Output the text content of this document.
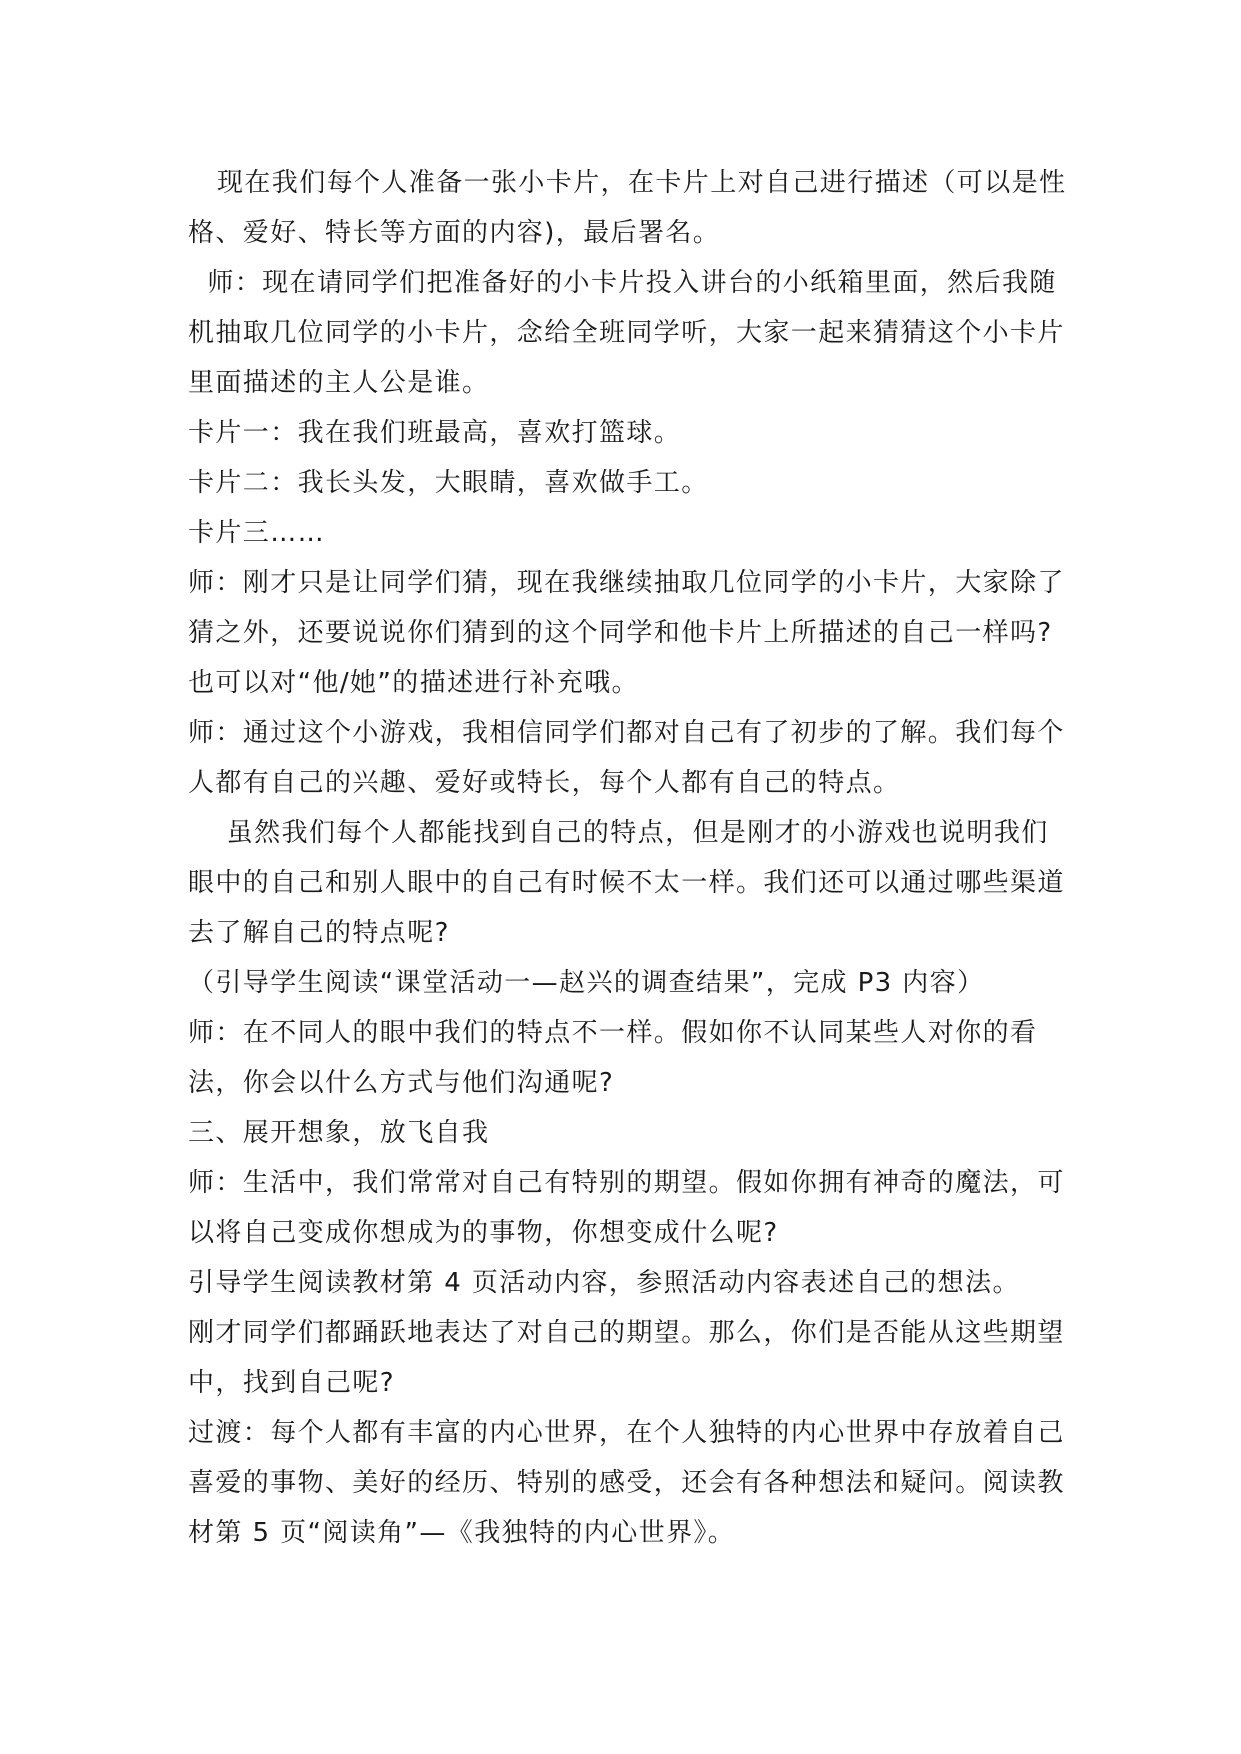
现在我们每个人准备一张小卡片，在卡片上对自己进行描述（可以是性格、爱好、特长等方面的内容)，最后署名。

师：现在请同学们把准备好的小卡片投入讲台的小纸箱里面，然后我随机抽取几位同学的小卡片，念给全班同学听，大家一起来猜猜这个小卡片里面描述的主人公是谁。

卡片一：我在我们班最高，喜欢打篮球。

卡片二：我长头发，大眼睛，喜欢做手工。

卡片三……

师：刚才只是让同学们猜，现在我继续抽取几位同学的小卡片，大家除了猜之外，还要说说你们猜到的这个同学和他卡片上所描述的自己一样吗?也可以对“他/她”的描述进行补充哦。

师：通过这个小游戏，我相信同学们都对自己有了初步的了解。我们每个人都有自己的兴趣、爱好或特长，每个人都有自己的特点。

虽然我们每个人都能找到自己的特点，但是刚才的小游戏也说明我们眼中的自己和别人眼中的自己有时候不太一样。我们还可以通过哪些渠道去了解自己的特点呢?

（引导学生阅读“课堂活动一—赵兴的调查结果”，完成 P3 内容）

师：在不同人的眼中我们的特点不一样。假如你不认同某些人对你的看法，你会以什么方式与他们沟通呢?

三、展开想象，放飞自我

师：生活中，我们常常对自己有特别的期望。假如你拥有神奇的魔法，可以将自己变成你想成为的事物，你想变成什么呢?

引导学生阅读教材第 4 页活动内容，参照活动内容表述自己的想法。

刚才同学们都踊跃地表达了对自己的期望。那么，你们是否能从这些期望中，找到自己呢?

过渡：每个人都有丰富的内心世界，在个人独特的内心世界中存放着自己喜爱的事物、美好的经历、特别的感受，还会有各种想法和疑问。阅读教材第 5 页“阅读角”—《我独特的内心世界》。
